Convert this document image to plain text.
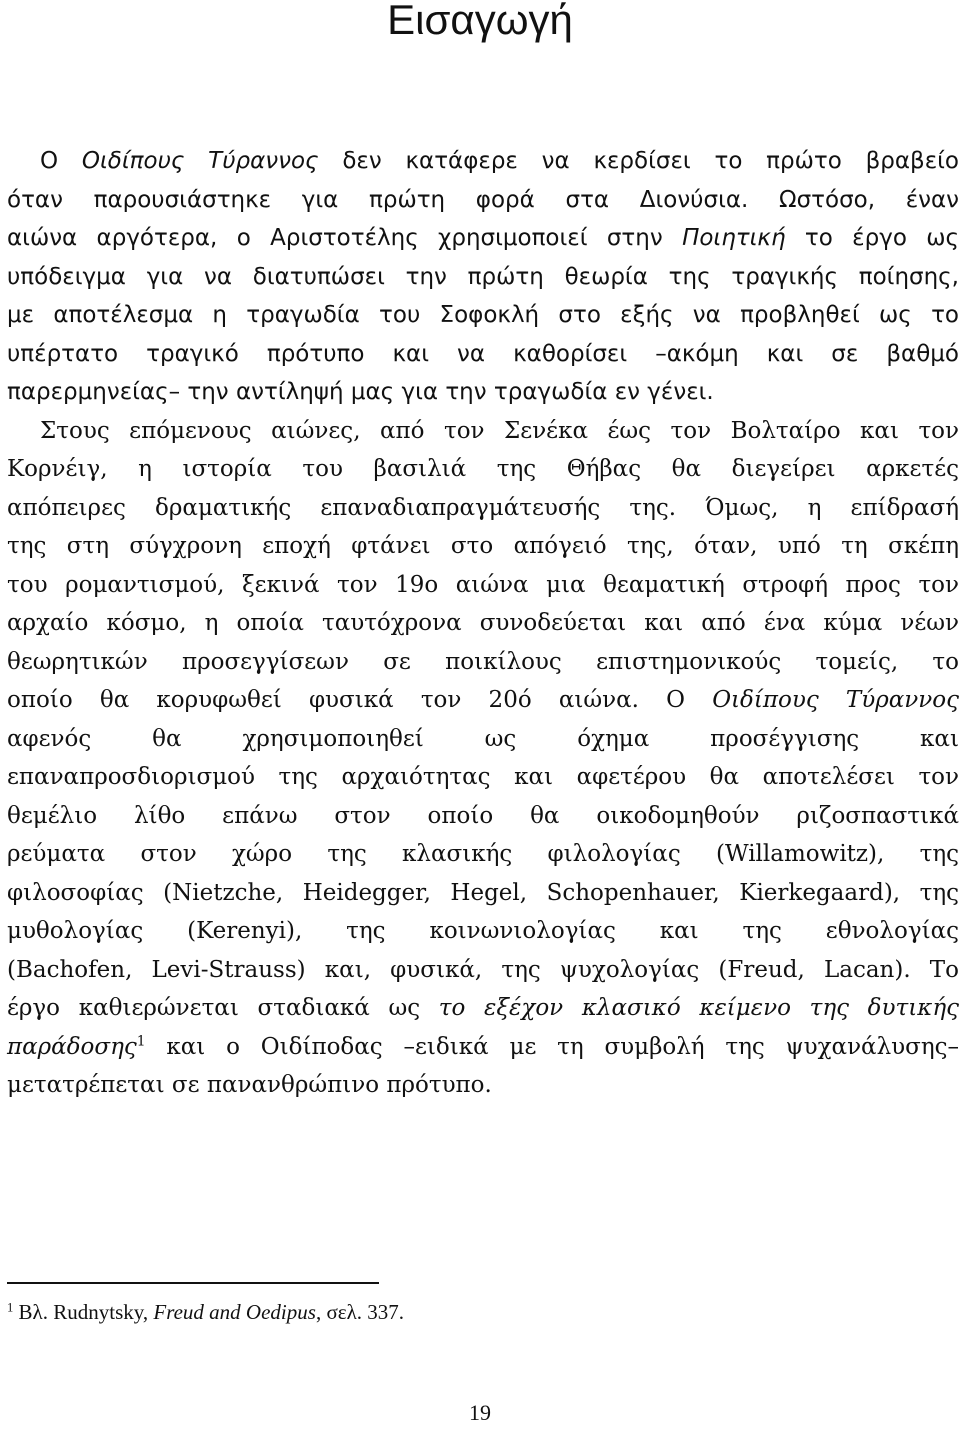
Εισαγωγή
Ο Οιδίπους Τύραννος δεν κατάφερε να κερδίσει το πρώτο βραβείο
όταν παρουσιάστηκε για πρώτη φορά στα Διονύσια. Ωστόσο, έναν
αιώνα αργότερα, ο Αριστοτέλης χρησιμοποιεί στην Ποιητική το έργο ως
υπόδειγμα για να διατυπώσει την πρώτη θεωρία της τραγικής ποίησης,
με αποτέλεσμα η τραγωδία του Σοφοκλή στο εξής να προβληθεί ως το
υπέρτατο τραγικό πρότυπο και να καθορίσει –ακόμη και σε βαθμό
παρερμηνείας– την αντίληψή μας για την τραγωδία εν γένει.
Στους επόμενους αιώνες, από τον Σενέκα έως τον Βολταίρο και τον
Κορνέιγ, η ιστορία του βασιλιά της Θήβας θα διεγείρει αρκετές
απόπειρες δραματικής επαναδιαπραγμάτευσής της. Όμως, η επίδρασή
της στη σύγχρονη εποχή φτάνει στο απόγειό της, όταν, υπό τη σκέπη
του ρομαντισμού, ξεκινά τον 19ο αιώνα μια θεαματική στροφή προς τον
αρχαίο κόσμο, η οποία ταυτόχρονα συνοδεύεται και από ένα κύμα νέων
θεωρητικών προσεγγίσεων σε ποικίλους επιστημονικούς τομείς, το
οποίο θα κορυφωθεί φυσικά τον 20ό αιώνα. Ο Οιδίπους Τύραννος
αφενός θα χρησιμοποιηθεί ως όχημα προσέγγισης και
επαναπροσδιορισμού της αρχαιότητας και αφετέρου θα αποτελέσει τον
θεμέλιο λίθο επάνω στον οποίο θα οικοδομηθούν ριζοσπαστικά
ρεύματα στον χώρο της κλασικής φιλολογίας (Willamowitz), της
φιλοσοφίας (Nietzche, Heidegger, Hegel, Schopenhauer, Kierkegaard), της
μυθολογίας (Kerenyi), της κοινωνιολογίας και της εθνολογίας
(Bachofen, Levi-Strauss) και, φυσικά, της ψυχολογίας (Freud, Lacan). Το
έργο καθιερώνεται σταδιακά ως το εξέχον κλασικό κείμενο της δυτικής
παράδοσης$^1$ και ο Οιδίποδας –ειδικά με τη συμβολή της ψυχανάλυσης–
μετατρέπεται σε πανανθρώπινο πρότυπο.
$^1$ Βλ. Rudnytsky, Freud and Oedipus, σελ. 337.
19
